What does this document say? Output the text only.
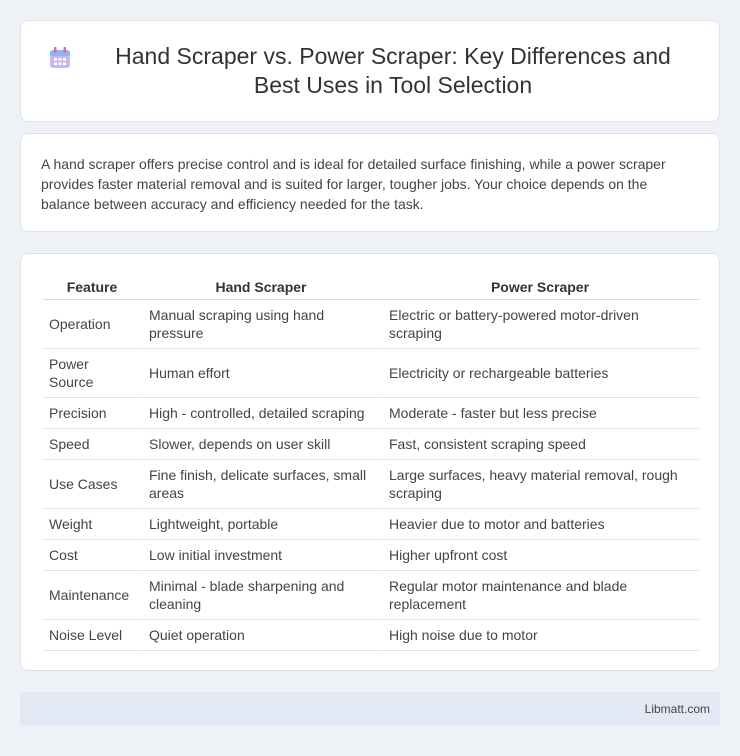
Hand Scraper vs. Power Scraper: Key Differences and Best Uses in Tool Selection

A hand scraper offers precise control and is ideal for detailed surface finishing, while a power scraper provides faster material removal and is suited for larger, tougher jobs. Your choice depends on the balance between accuracy and efficiency needed for the task.

Feature	Hand Scraper	Power Scraper
Operation	Manual scraping using hand pressure	Electric or battery-powered motor-driven scraping
Power Source	Human effort	Electricity or rechargeable batteries
Precision	High - controlled, detailed scraping	Moderate - faster but less precise
Speed	Slower, depends on user skill	Fast, consistent scraping speed
Use Cases	Fine finish, delicate surfaces, small areas	Large surfaces, heavy material removal, rough scraping
Weight	Lightweight, portable	Heavier due to motor and batteries
Cost	Low initial investment	Higher upfront cost
Maintenance	Minimal - blade sharpening and cleaning	Regular motor maintenance and blade replacement
Noise Level	Quiet operation	High noise due to motor
Libmatt.com
